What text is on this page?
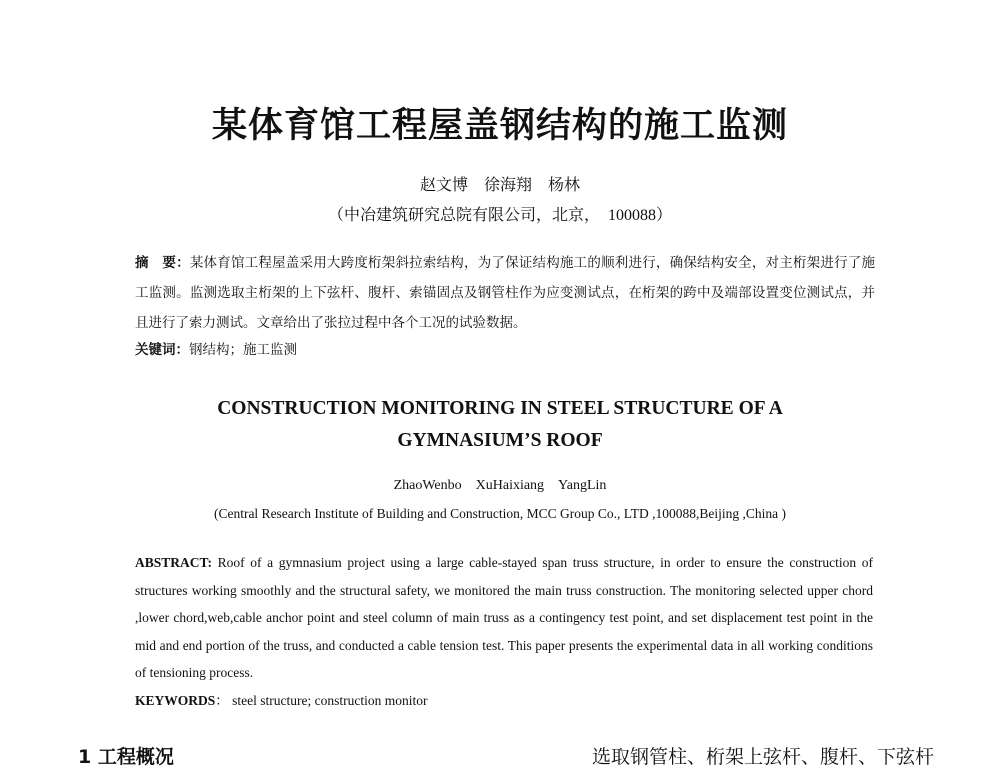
某体育馆工程屋盖钢结构的施工监测
赵文博　徐海翔　杨林
（中冶建筑研究总院有限公司，北京，　100088）
摘　要：某体育馆工程屋盖采用大跨度桁架斜拉索结构，为了保证结构施工的顺利进行，确保结构安全，对主桁架进行了施工监测。监测选取主桁架的上下弦杆、腹杆、索锚固点及钢管柱作为应变测试点，在桁架的跨中及端部设置变位测试点，并且进行了索力测试。文章给出了张拉过程中各个工况的试验数据。
关键词：钢结构；施工监测
CONSTRUCTION MONITORING IN STEEL STRUCTURE OF A
GYMNASIUM’S ROOF
ZhaoWenbo　XuHaixiang　YangLin
(Central Research Institute of Building and Construction, MCC Group Co., LTD ,100088,Beijing ,China )
ABSTRACT: Roof of a gymnasium project using a large cable-stayed span truss structure, in order to ensure the construction of structures working smoothly and the structural safety, we monitored the main truss construction. The monitoring selected upper chord ,lower chord,web,cable anchor point and steel column of main truss as a contingency test point, and set displacement test point in the mid and end portion of the truss, and conducted a cable tension test. This paper presents the experimental data in all working conditions of tensioning process.
KEYWORDS： steel structure; construction monitor
1 工程概况	选取钢管柱、桁架上弦杆、腹杆、下弦杆
